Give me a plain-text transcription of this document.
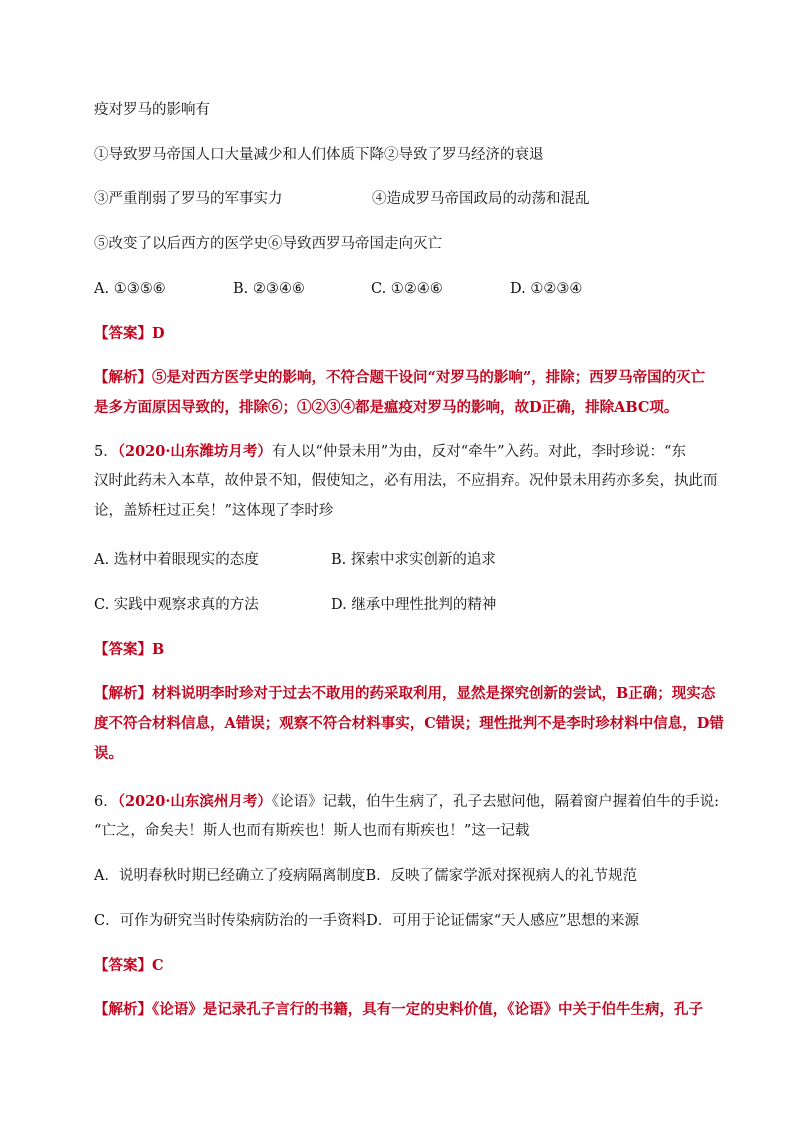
疫对罗马的影响有
①导致罗马帝国人口大量减少和人们体质下降②导致了罗马经济的衰退
③严重削弱了罗马的军事实力	④造成罗马帝国政局的动荡和混乱
⑤改变了以后西方的医学史⑥导致西罗马帝国走向灭亡
A. ①③⑤⑥	B. ②③④⑥	C. ①②④⑥	D. ①②③④
【答案】D
【解析】⑤是对西方医学史的影响，不符合题干设问“对罗马的影响”，排除；西罗马帝国的灭亡
是多方面原因导致的，排除⑥；①②③④都是瘟疫对罗马的影响，故D正确，排除ABC项。
5．（2020·山东潍坊月考）有人以“仲景未用”为由，反对“牵牛”入药。对此，李时珍说：“东
汉时此药未入本草，故仲景不知，假使知之，必有用法，不应捐弃。况仲景未用药亦多矣，执此而
论，盖矫枉过正矣！”这体现了李时珍
A. 选材中着眼现实的态度	B. 探索中求实创新的追求
C. 实践中观察求真的方法	D. 继承中理性批判的精神
【答案】B
【解析】材料说明李时珍对于过去不敢用的药采取利用，显然是探究创新的尝试，B正确；现实态
度不符合材料信息，A错误；观察不符合材料事实，C错误；理性批判不是李时珍材料中信息，D错
误。
6．（2020·山东滨州月考）《论语》记载，伯牛生病了，孔子去慰问他，隔着窗户握着伯牛的手说:
“亡之，命矣夫！斯人也而有斯疾也！斯人也而有斯疾也！”这一记载
A．说明春秋时期已经确立了疫病隔离制度B．反映了儒家学派对探视病人的礼节规范
C．可作为研究当时传染病防治的一手资料D．可用于论证儒家“天人感应”思想的来源
【答案】C
【解析】《论语》是记录孔子言行的书籍，具有一定的史料价值，《论语》中关于伯牛生病，孔子
